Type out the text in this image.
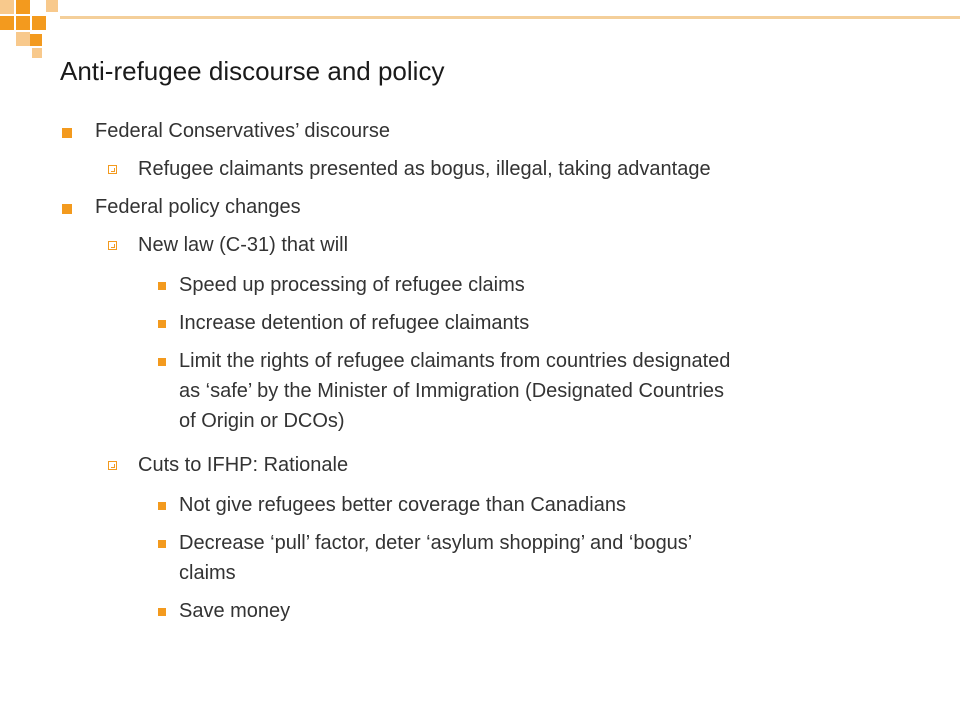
Anti-refugee discourse and policy
Federal Conservatives’ discourse
Refugee claimants presented as bogus, illegal, taking advantage
Federal policy changes
New law (C-31) that will
Speed up processing of refugee claims
Increase detention of refugee claimants
Limit the rights of refugee claimants from countries designated
as ‘safe’ by the Minister of Immigration (Designated Countries
of Origin or DCOs)
Cuts to IFHP: Rationale
Not give refugees better coverage than Canadians
Decrease ‘pull’ factor, deter ‘asylum shopping’ and ‘bogus’
claims
Save money
